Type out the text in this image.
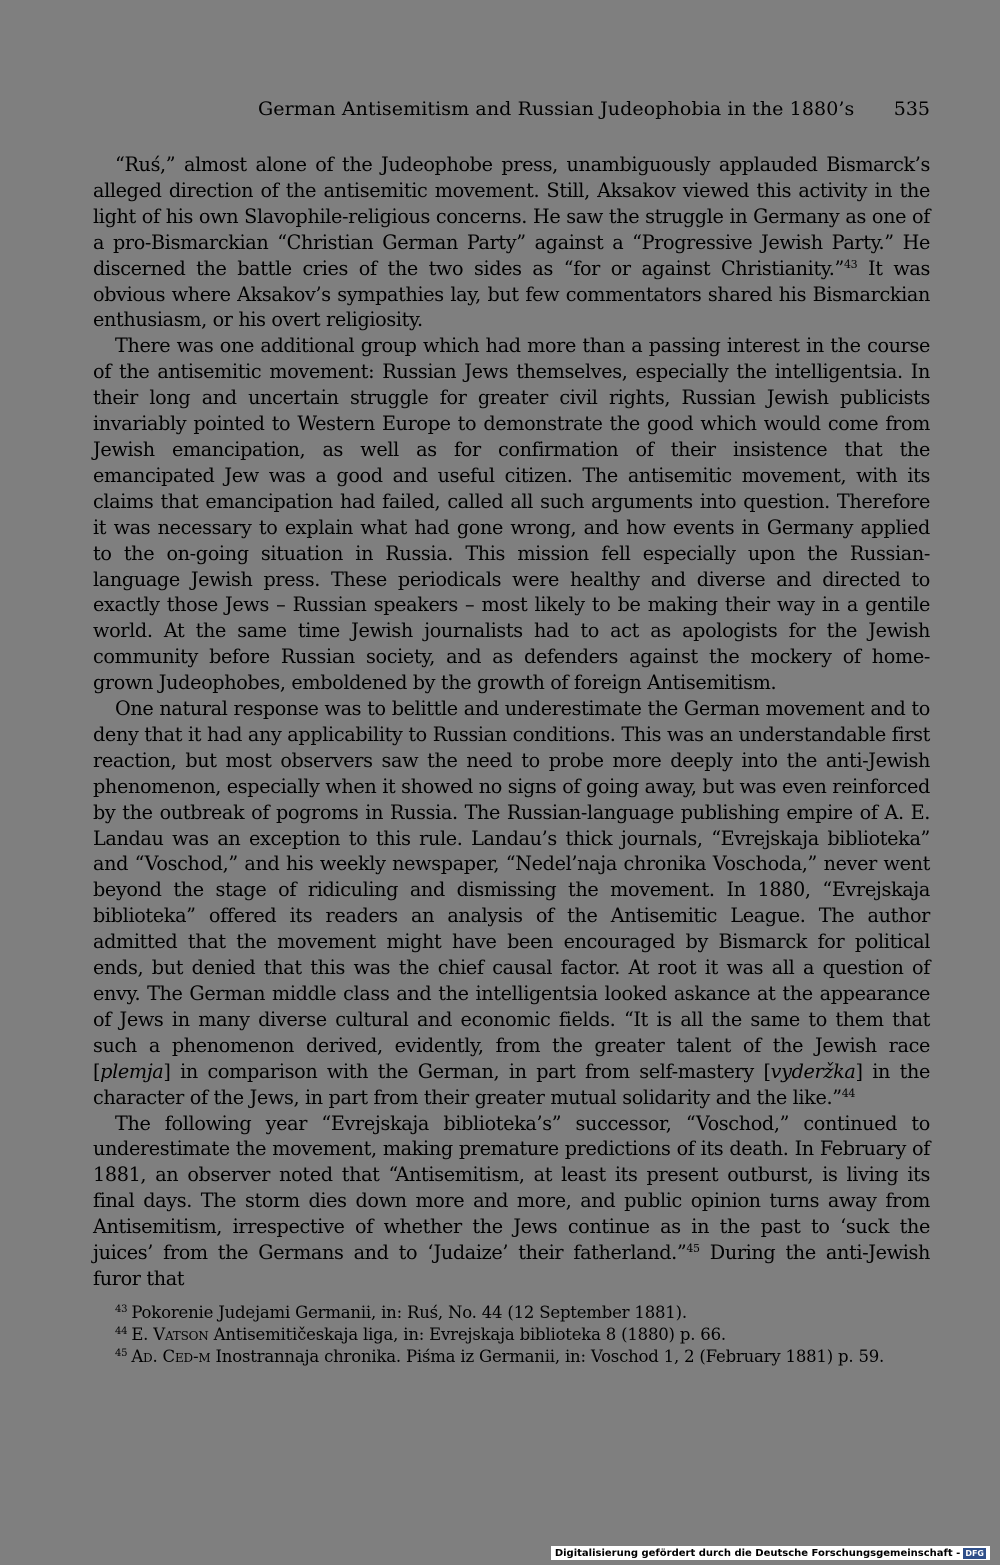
German Antisemitism and Russian Judeophobia in the 1880’s 535

“Ruś,” almost alone of the Judeophobe press, unambiguously applauded Bismarck’s alleged direction of the antisemitic movement. Still, Aksakov viewed this activity in the light of his own Slavophile-religious concerns. He saw the struggle in Germany as one of a pro-Bismarckian “Christian German Party” against a “Progressive Jewish Party.” He discerned the battle cries of the two sides as “for or against Christianity.”$^{43}$ It was obvious where Aksakov’s sympathies lay, but few commentators shared his Bismarckian enthusiasm, or his overt religiosity.

There was one additional group which had more than a passing interest in the course of the antisemitic movement: Russian Jews themselves, especially the intelligentsia. In their long and uncertain struggle for greater civil rights, Russian Jewish publicists invariably pointed to Western Europe to demonstrate the good which would come from Jewish emancipation, as well as for confirmation of their insistence that the emancipated Jew was a good and useful citizen. The antisemitic movement, with its claims that emancipation had failed, called all such arguments into question. Therefore it was necessary to explain what had gone wrong, and how events in Germany applied to the on-going situation in Russia. This mission fell especially upon the Russian-language Jewish press. These periodicals were healthy and diverse and directed to exactly those Jews – Russian speakers – most likely to be making their way in a gentile world. At the same time Jewish journalists had to act as apologists for the Jewish community before Russian society, and as defenders against the mockery of home-grown Judeophobes, emboldened by the growth of foreign Antisemitism.

One natural response was to belittle and underestimate the German movement and to deny that it had any applicability to Russian conditions. This was an understandable first reaction, but most observers saw the need to probe more deeply into the anti-Jewish phenomenon, especially when it showed no signs of going away, but was even reinforced by the outbreak of pogroms in Russia. The Russian-language publishing empire of A. E. Landau was an exception to this rule. Landau’s thick journals, “Evrejskaja biblioteka” and “Voschod,” and his weekly newspaper, “Nedel’naja chronika Voschoda,” never went beyond the stage of ridiculing and dismissing the movement. In 1880, “Evrejskaja biblioteka” offered its readers an analysis of the Antisemitic League. The author admitted that the movement might have been encouraged by Bismarck for political ends, but denied that this was the chief causal factor. At root it was all a question of envy. The German middle class and the intelligentsia looked askance at the appearance of Jews in many diverse cultural and economic fields. “It is all the same to them that such a phenomenon derived, evidently, from the greater talent of the Jewish race [plemja] in comparison with the German, in part from self-mastery [vyderžka] in the character of the Jews, in part from their greater mutual solidarity and the like.”$^{44}$

The following year “Evrejskaja biblioteka’s” successor, “Voschod,” continued to underestimate the movement, making premature predictions of its death. In February of 1881, an observer noted that “Antisemitism, at least its present outburst, is living its final days. The storm dies down more and more, and public opinion turns away from Antisemitism, irrespective of whether the Jews continue as in the past to ‘suck the juices’ from the Germans and to ‘Judaize’ their fatherland.”$^{45}$ During the anti-Jewish furor that

$^{43}$ Pokorenie Judejami Germanii, in: Ruś, No. 44 (12 September 1881).
$^{44}$ E. Vatson Antisemitičeskaja liga, in: Evrejskaja biblioteka 8 (1880) p. 66.
$^{45}$ Ad. Ced-m Inostrannaja chronika. Piśma iz Germanii, in: Voschod 1, 2 (February 1881) p. 59.
Digitalisierung gefördert durch die Deutsche Forschungsgemeinschaft - DFG
